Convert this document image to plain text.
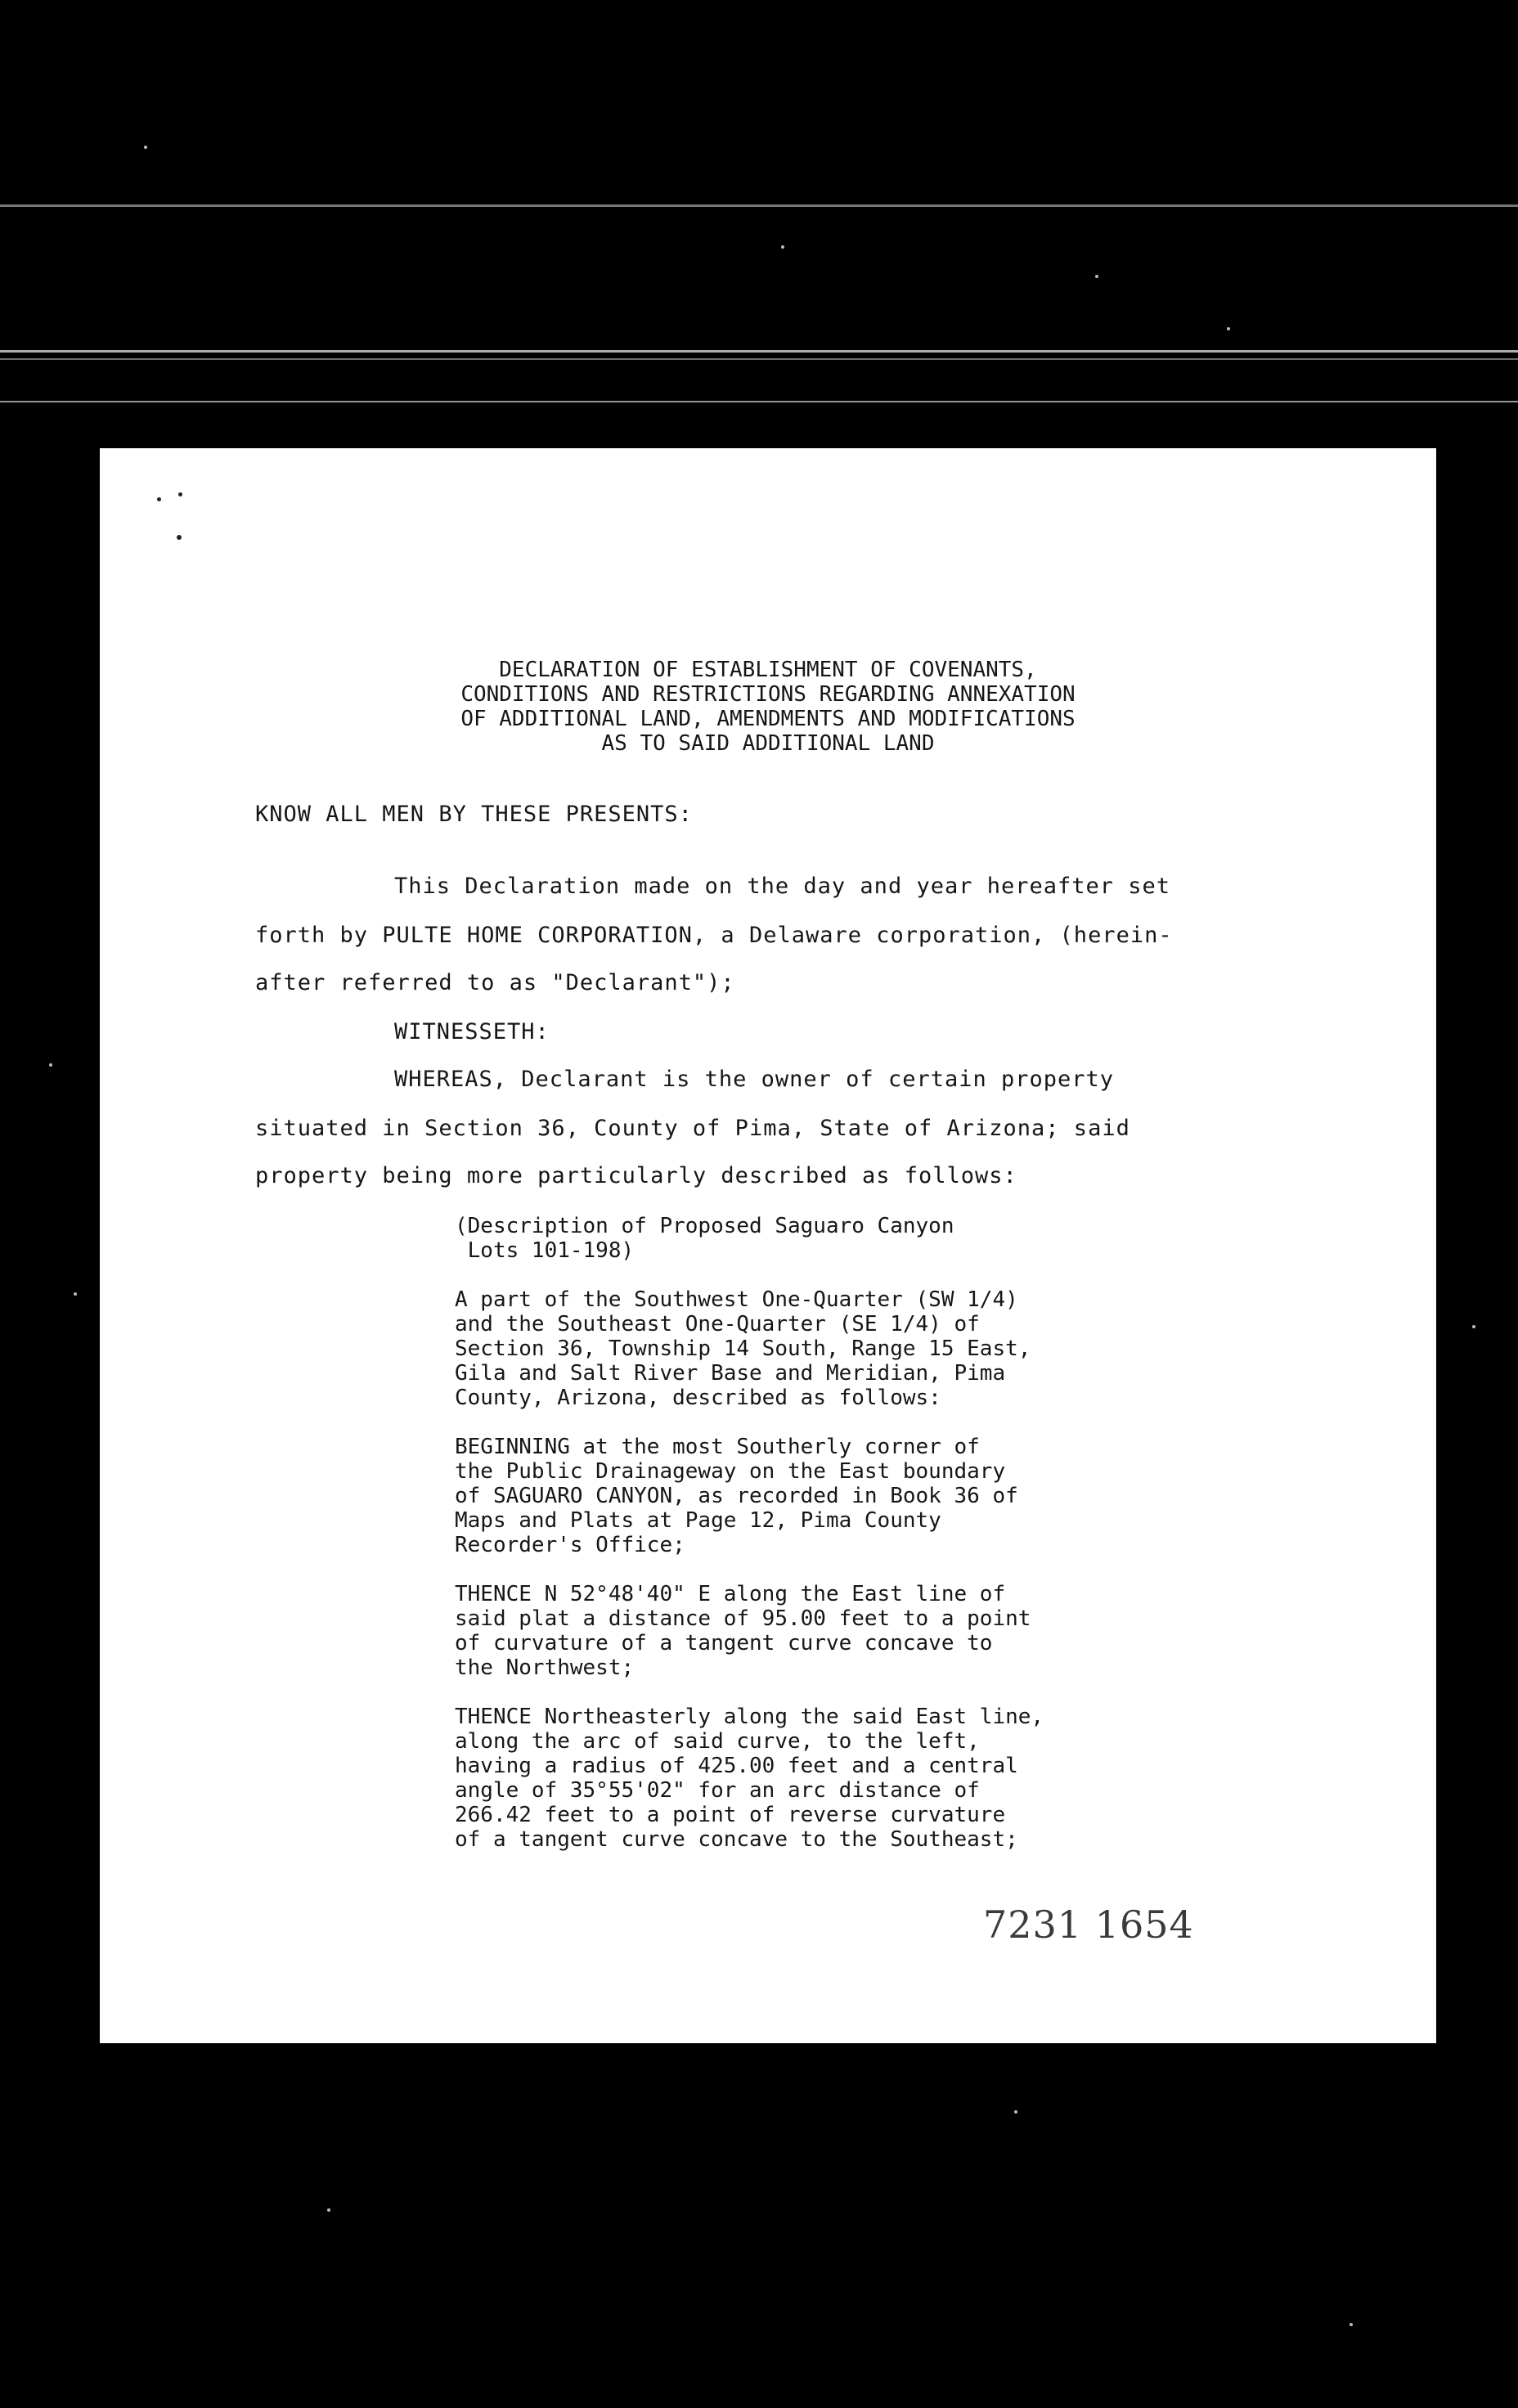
DECLARATION OF ESTABLISHMENT OF COVENANTS,
CONDITIONS AND RESTRICTIONS REGARDING ANNEXATION
OF ADDITIONAL LAND, AMENDMENTS AND MODIFICATIONS
AS TO SAID ADDITIONAL LAND
KNOW ALL MEN BY THESE PRESENTS:
This Declaration made on the day and year hereafter set
forth by PULTE HOME CORPORATION, a Delaware corporation, (herein-
after referred to as "Declarant");
WITNESSETH:
WHEREAS, Declarant is the owner of certain property
situated in Section 36, County of Pima, State of Arizona; said
property being more particularly described as follows:
(Description of Proposed Saguaro Canyon
Lots 101-198)
A part of the Southwest One-Quarter (SW 1/4)
and the Southeast One-Quarter (SE 1/4) of
Section 36, Township 14 South, Range 15 East,
Gila and Salt River Base and Meridian, Pima
County, Arizona, described as follows:
BEGINNING at the most Southerly corner of
the Public Drainageway on the East boundary
of SAGUARO CANYON, as recorded in Book 36 of
Maps and Plats at Page 12, Pima County
Recorder's Office;
THENCE N 52°48'40" E along the East line of
said plat a distance of 95.00 feet to a point
of curvature of a tangent curve concave to
the Northwest;
THENCE Northeasterly along the said East line,
along the arc of said curve, to the left,
having a radius of 425.00 feet and a central
angle of 35°55'02" for an arc distance of
266.42 feet to a point of reverse curvature
of a tangent curve concave to the Southeast;
7231 1654
